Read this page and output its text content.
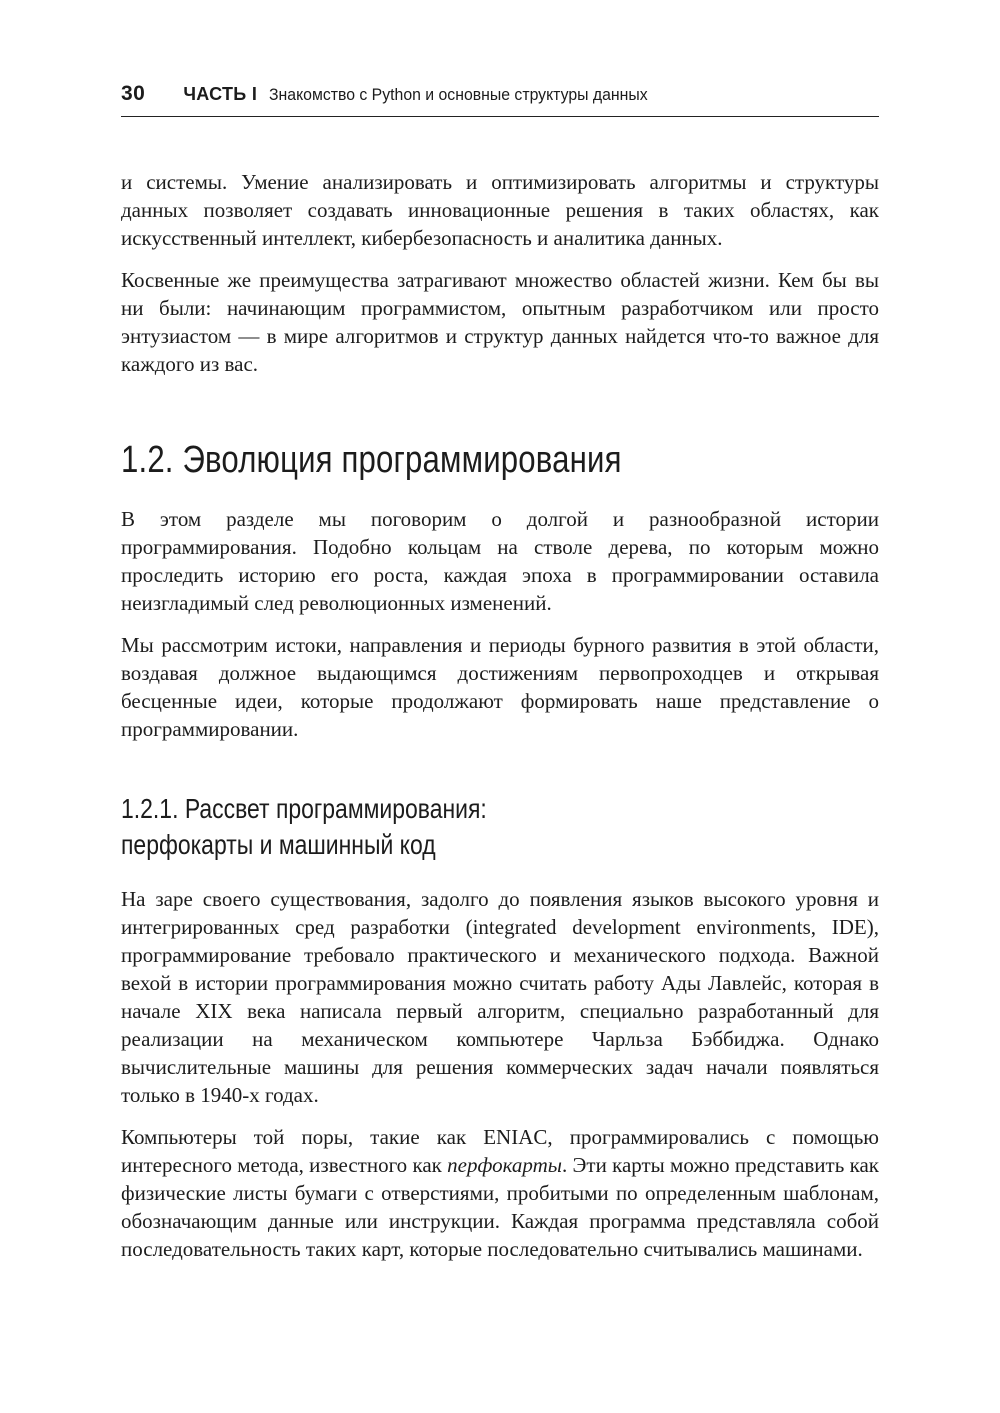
30 ЧАСТЬ I Знакомство с Python и основные структуры данных

и системы. Умение анализировать и оптимизировать алгоритмы и структуры данных позволяет создавать инновационные решения в таких областях, как искусственный интеллект, кибербезопасность и аналитика данных.

Косвенные же преимущества затрагивают множество областей жизни. Кем бы вы ни были: начинающим программистом, опытным разработчиком или просто энтузиастом — в мире алгоритмов и структур данных найдется что-то важное для каждого из вас.

1.2. Эволюция программирования

В этом разделе мы поговорим о долгой и разнообразной истории программирования. Подобно кольцам на стволе дерева, по которым можно проследить историю его роста, каждая эпоха в программировании оставила неизгладимый след революционных изменений.

Мы рассмотрим истоки, направления и периоды бурного развития в этой области, воздавая должное выдающимся достижениям первопроходцев и открывая бесценные идеи, которые продолжают формировать наше представление о программировании.

1.2.1. Рассвет программирования:
перфокарты и машинный код

На заре своего существования, задолго до появления языков высокого уровня и интегрированных сред разработки (integrated development environments, IDE), программирование требовало практического и механического подхода. Важной вехой в истории программирования можно считать работу Ады Лавлейс, которая в начале XIX века написала первый алгоритм, специально разработанный для реализации на механическом компьютере Чарльза Бэббиджа. Однако вычислительные машины для решения коммерческих задач начали появляться только в 1940-х годах.

Компьютеры той поры, такие как ENIAC, программировались с помощью интересного метода, известного как перфокарты. Эти карты можно представить как физические листы бумаги с отверстиями, пробитыми по определенным шаблонам, обозначающим данные или инструкции. Каждая программа представляла собой последовательность таких карт, которые последовательно считывались машинами.
